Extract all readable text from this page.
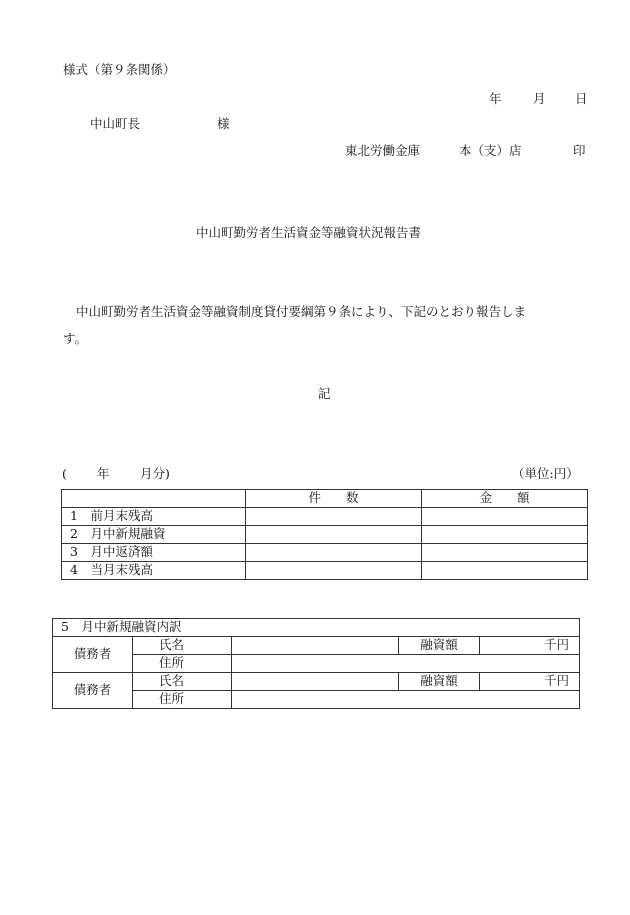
様式（第９条関係）
年	月 日
中山町長	様
東北労働金庫	本（支）店	印
中山町勤労者生活資金等融資状況報告書
中山町勤労者生活資金等融資制度貸付要綱第９条により、下記のとおり報告しま
す。
記
( 年 月分)	（単位:円）
	件　　数	金　　額
1　 前月末残高		
2　 月中新規融資		
3　 月中返済額		
4　 当月末残高		
5　月中新規融資内訳				
債務者	氏名		融資額	千円
	住所			
債務者	氏名		融資額	千円
	住所			
